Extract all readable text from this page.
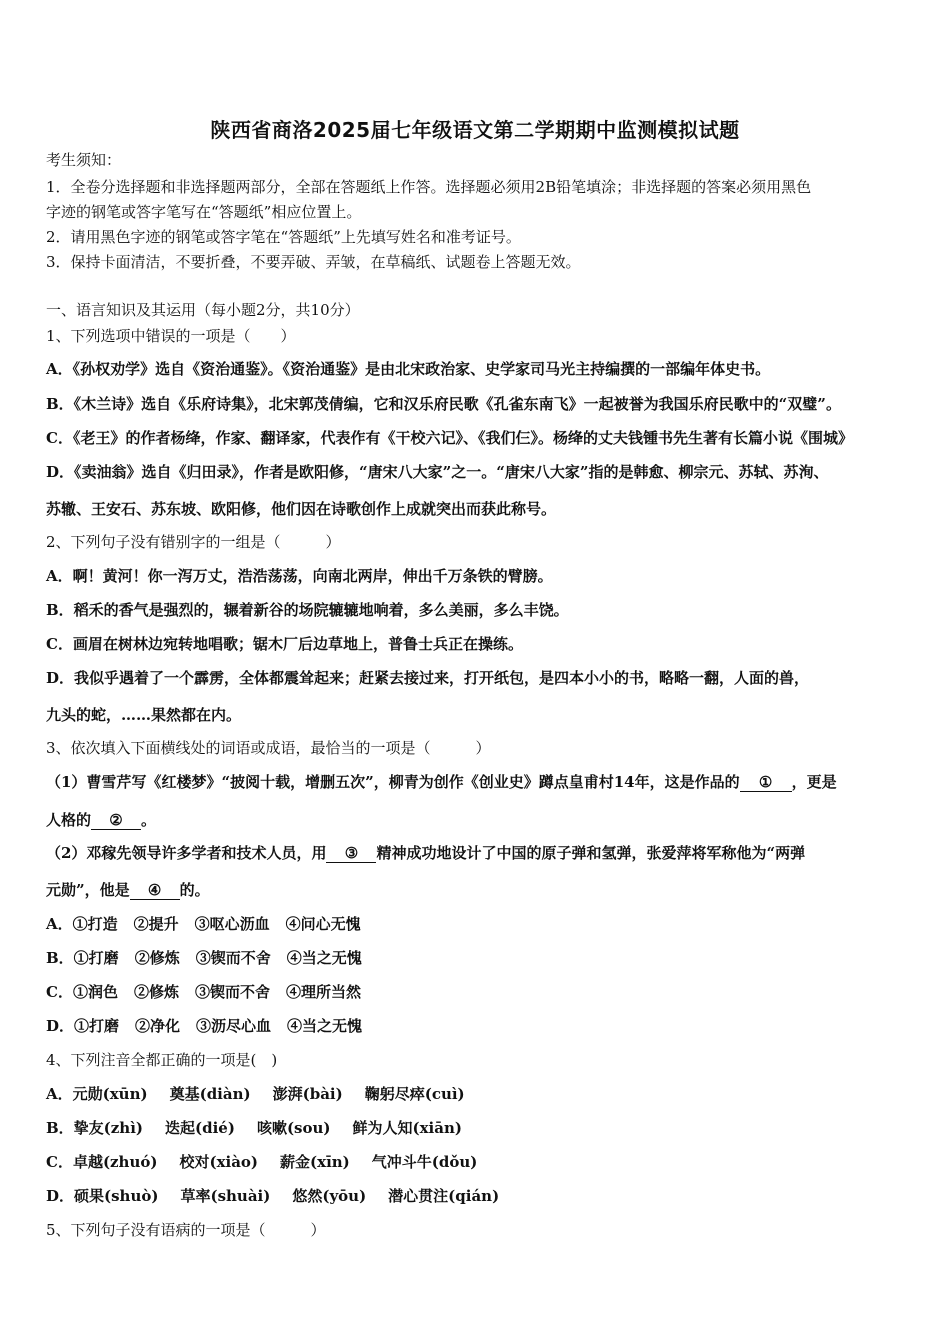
陕西省商洛2025届七年级语文第二学期期中监测模拟试题
考生须知：
1．全卷分选择题和非选择题两部分，全部在答题纸上作答。选择题必须用2B铅笔填涂；非选择题的答案必须用黑色
字迹的钢笔或答字笔写在“答题纸”相应位置上。
2．请用黑色字迹的钢笔或答字笔在“答题纸”上先填写姓名和准考证号。
3．保持卡面清洁，不要折叠，不要弄破、弄皱，在草稿纸、试题卷上答题无效。
一、语言知识及其运用（每小题2分，共10分）
1、下列选项中错误的一项是（　　）
A．《孙权劝学》选自《资治通鉴》。《资治通鉴》是由北宋政治家、史学家司马光主持编撰的一部编年体史书。
B．《木兰诗》选自《乐府诗集》，北宋郭茂倩编，它和汉乐府民歌《孔雀东南飞》一起被誉为我国乐府民歌中的“双璧”。
C．《老王》的作者杨绛，作家、翻译家，代表作有《干校六记》、《我们仨》。杨绛的丈夫钱锺书先生著有长篇小说《围城》
D．《卖油翁》选自《归田录》，作者是欧阳修，“唐宋八大家”之一。“唐宋八大家”指的是韩愈、柳宗元、苏轼、苏洵、
苏辙、王安石、苏东坡、欧阳修，他们因在诗歌创作上成就突出而获此称号。
2、下列句子没有错别字的一组是（　　　）
A．啊！黄河！你一泻万丈，浩浩荡荡，向南北两岸，伸出千万条铁的臂膀。
B．稻禾的香气是强烈的，辗着新谷的场院辘辘地响着，多么美丽，多么丰饶。
C．画眉在树林边宛转地唱歌；锯木厂后边草地上，普鲁士兵正在操练。
D．我似乎遇着了一个霹雳，全体都震耸起来；赶紧去接过来，打开纸包，是四本小小的书，略略一翻，人面的兽，
九头的蛇，……果然都在内。
3、依次填入下面横线处的词语或成语，最恰当的一项是（　　　）
（1）曹雪芹写《红楼梦》“披阅十载，增删五次”，柳青为创作《创业史》蹲点皇甫村14年，这是作品的 ① ，更是
人格的 ② 。
（2）邓稼先领导许多学者和技术人员，用 ③ 精神成功地设计了中国的原子弹和氢弹，张爱萍将军称他为“两弹
元勋”，他是 ④ 的。
A．①打造 ②提升 ③呕心沥血 ④问心无愧
B．①打磨 ②修炼 ③锲而不舍 ④当之无愧
C．①润色 ②修炼 ③锲而不舍 ④理所当然
D．①打磨 ②净化 ③沥尽心血 ④当之无愧
4、下列注音全都正确的一项是(　)
A．元勋(xūn) 奠基(diàn) 澎湃(bài) 鞠躬尽瘁(cuì)
B．挚友(zhì) 迭起(dié) 咳嗽(sou) 鲜为人知(xiān)
C．卓越(zhuó) 校对(xiào) 薪金(xīn) 气冲斗牛(dǒu)
D．硕果(shuò) 草率(shuài) 悠然(yōu) 潜心贯注(qián)
5、下列句子没有语病的一项是（　　　）
